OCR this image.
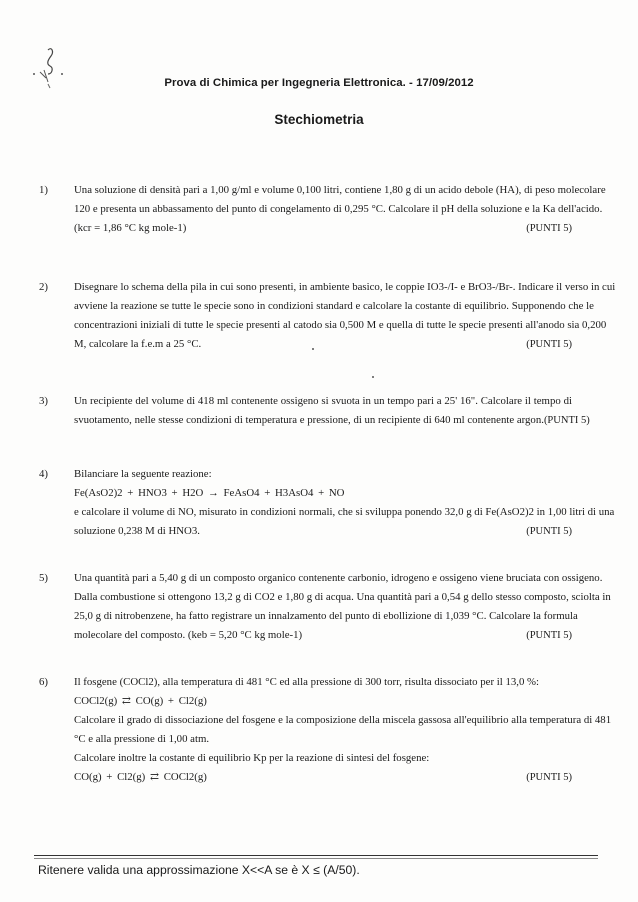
Prova di Chimica per Ingegneria Elettronica. - 17/09/2012
Stechiometria
1) Una soluzione di densità pari a 1,00 g/ml e volume 0,100 litri, contiene 1,80 g di un acido debole (HA), di peso molecolare
120 e presenta un abbassamento del punto di congelamento di 0,295 °C. Calcolare il pH della soluzione e la Ka dell'acido.
(kcr = 1,86 °C kg mole-1)	(PUNTI 5)
2) Disegnare lo schema della pila in cui sono presenti, in ambiente basico, le coppie IO3-/I- e BrO3-/Br-. Indicare il verso in cui
avviene la reazione se tutte le specie sono in condizioni standard e calcolare la costante di equilibrio. Supponendo che le
concentrazioni iniziali di tutte le specie presenti al catodo sia 0,500 M e quella di tutte le specie presenti all'anodo sia 0,200
M, calcolare la f.e.m a 25 °C.	(PUNTI 5)
3) Un recipiente del volume di 418 ml contenente ossigeno si svuota in un tempo pari a 25' 16". Calcolare il tempo di
svuotamento, nelle stesse condizioni di temperatura e pressione, di un recipiente di 640 ml contenente argon. (PUNTI 5)
4) Bilanciare la seguente reazione:
Fe(AsO2)2 + HNO3 + H2O → FeAsO4 + H3AsO4 + NO
e calcolare il volume di NO, misurato in condizioni normali, che si sviluppa ponendo 32,0 g di Fe(AsO2)2 in 1,00 litri di una
soluzione 0,238 M di HNO3.	(PUNTI 5)
5) Una quantità pari a 5,40 g di un composto organico contenente carbonio, idrogeno e ossigeno viene bruciata con ossigeno.
Dalla combustione si ottengono 13,2 g di CO2 e 1,80 g di acqua. Una quantità pari a 0,54 g dello stesso composto, sciolta in
25,0 g di nitrobenzene, ha fatto registrare un innalzamento del punto di ebollizione di 1,039 °C. Calcolare la formula
molecolare del composto. (keb = 5,20 °C kg mole-1)	(PUNTI 5)
6) Il fosgene (COCl2), alla temperatura di 481 °C ed alla pressione di 300 torr, risulta dissociato per il 13,0 %:
COCl2(g) ⇄ CO(g) + Cl2(g)
Calcolare il grado di dissociazione del fosgene e la composizione della miscela gassosa all'equilibrio alla temperatura di 481
°C e alla pressione di 1,00 atm.
Calcolare inoltre la costante di equilibrio Kp per la reazione di sintesi del fosgene:
CO(g) + Cl2(g) ⇄ COCl2(g)	(PUNTI 5)
Ritenere valida una approssimazione X<<A se è X ≤ (A/50).
